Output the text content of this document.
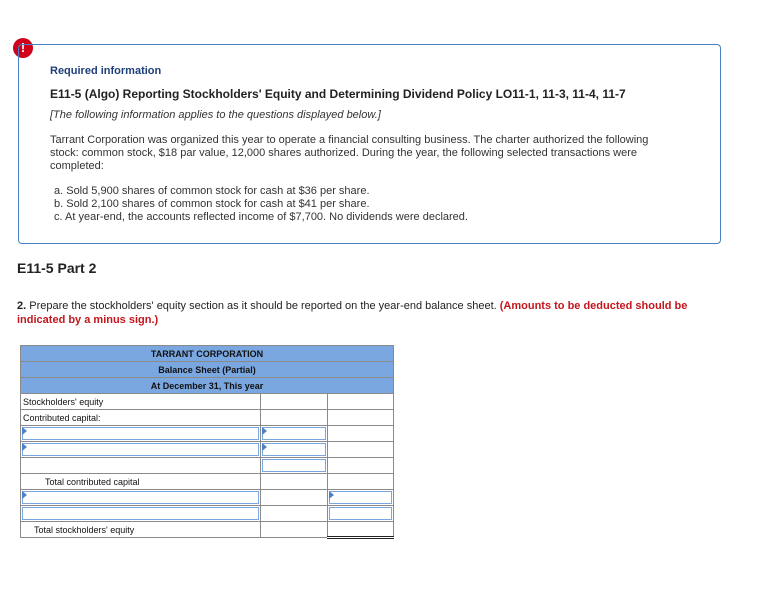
!
Required information
E11-5 (Algo) Reporting Stockholders' Equity and Determining Dividend Policy LO11-1, 11-3, 11-4, 11-7
[The following information applies to the questions displayed below.]
Tarrant Corporation was organized this year to operate a financial consulting business. The charter authorized the following stock: common stock, $18 par value, 12,000 shares authorized. During the year, the following selected transactions were completed:
a. Sold 5,900 shares of common stock for cash at $36 per share.
b. Sold 2,100 shares of common stock for cash at $41 per share.
c. At year-end, the accounts reflected income of $7,700. No dividends were declared.
E11-5 Part 2
2. Prepare the stockholders' equity section as it should be reported on the year-end balance sheet. (Amounts to be deducted should be indicated by a minus sign.)
TARRANT CORPORATION		
Balance Sheet (Partial)		
At December 31, This year		
Stockholders' equity		
Contributed capital:		

Total contributed capital		

Total stockholders' equity		
